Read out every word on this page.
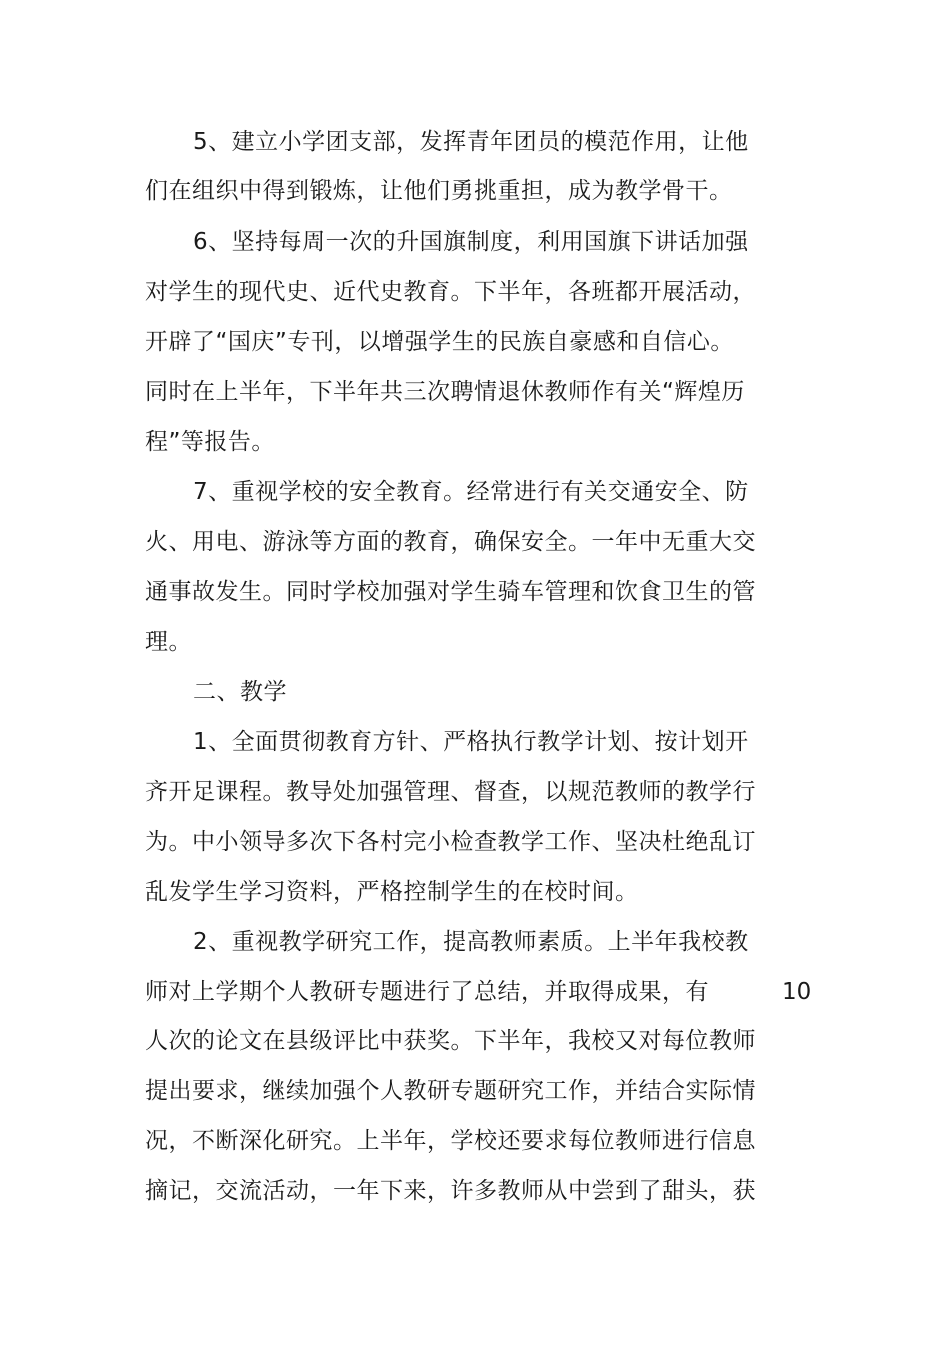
5、建立小学团支部，发挥青年团员的模范作用，让他
们在组织中得到锻炼，让他们勇挑重担，成为教学骨干。
6、坚持每周一次的升国旗制度，利用国旗下讲话加强
对学生的现代史、近代史教育。下半年，各班都开展活动，
开辟了“国庆”专刊，以增强学生的民族自豪感和自信心。
同时在上半年，下半年共三次聘情退休教师作有关“辉煌历
程”等报告。
7、重视学校的安全教育。经常进行有关交通安全、防
火、用电、游泳等方面的教育，确保安全。一年中无重大交
通事故发生。同时学校加强对学生骑车管理和饮食卫生的管
理。
二、教学
1、全面贯彻教育方针、严格执行教学计划、按计划开
齐开足课程。教导处加强管理、督查，以规范教师的教学行
为。中小领导多次下各村完小检查教学工作、坚决杜绝乱订
乱发学生学习资料，严格控制学生的在校时间。
2、重视教学研究工作，提高教师素质。上半年我校教
师对上学期个人教研专题进行了总结，并取得成果，有	10
人次的论文在县级评比中获奖。下半年，我校又对每位教师
提出要求，继续加强个人教研专题研究工作，并结合实际情
况，不断深化研究。上半年，学校还要求每位教师进行信息
摘记，交流活动，一年下来，许多教师从中尝到了甜头，获
